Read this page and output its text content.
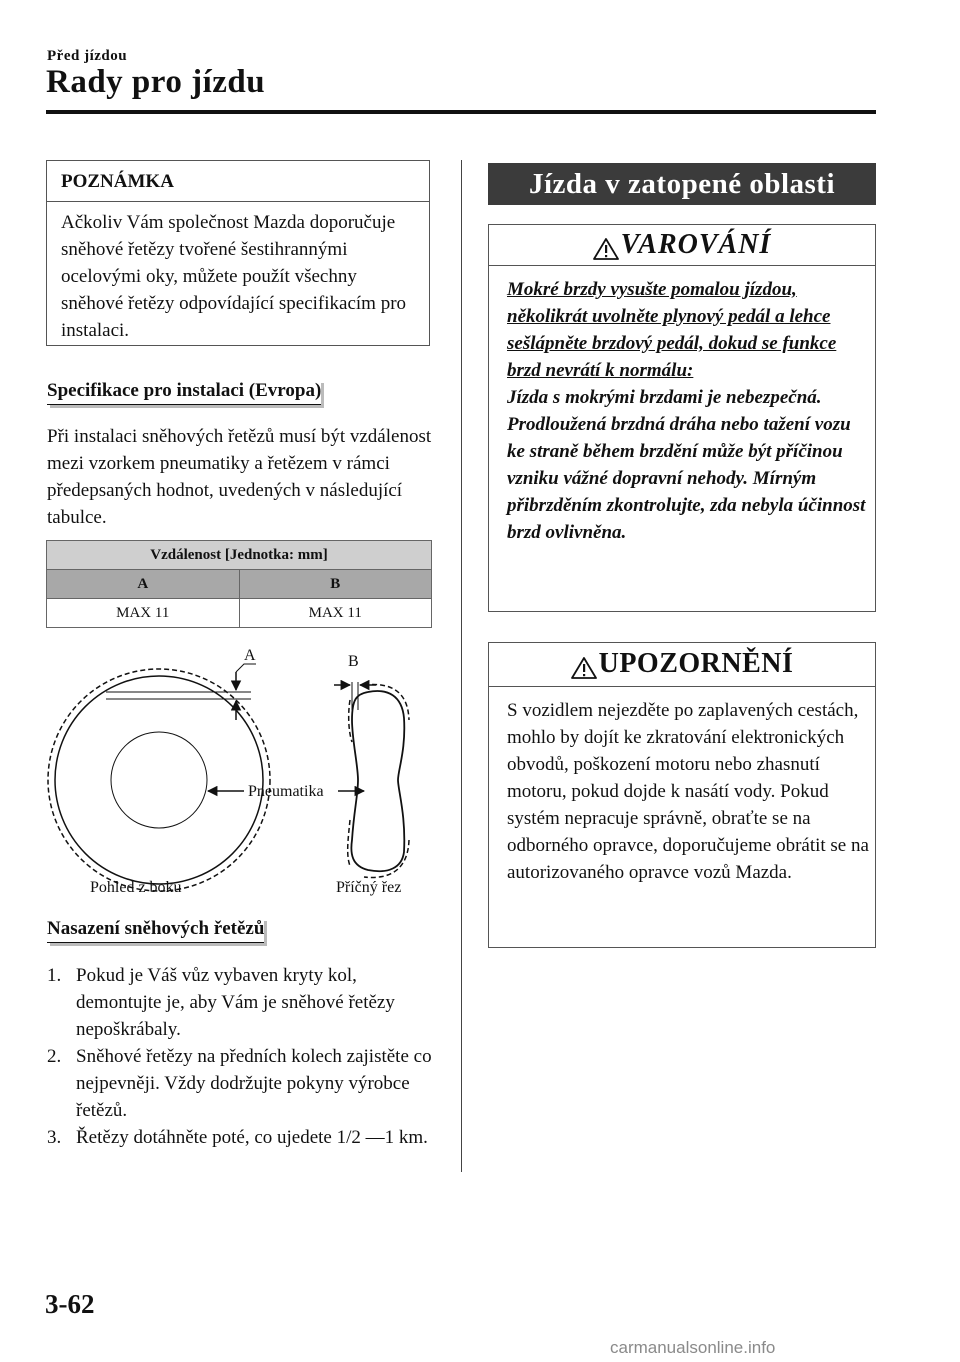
Před jízdou
Rady pro jízdu
POZNÁMKA
Ačkoliv Vám společnost Mazda doporučuje sněhové řetězy tvořené šestihrannými ocelovými oky, můžete použít všechny sněhové řetězy odpovídající specifikacím pro instalaci.
Specifikace pro instalaci (Evropa)
Při instalaci sněhových řetězů musí být vzdálenost mezi vzorkem pneumatiky a řetězem v rámci předepsaných hodnot, uvedených v následující tabulce.
Vzdálenost [Jednotka: mm]	
A	B
MAX 11	MAX 11
A	B
Pneumatika
Pohled z boku	Příčný řez
Nasazení sněhových řetězů
1. Pokud je Váš vůz vybaven kryty kol, demontujte je, aby Vám je sněhové řetězy nepoškrábaly.
2. Sněhové řetězy na předních kolech zajistěte co nejpevněji. Vždy dodržujte pokyny výrobce řetězů.
3. Řetězy dotáhněte poté, co ujedete 1/2 ―1 km.
Jízda v zatopené oblasti
VAROVÁNÍ
Mokré brzdy vysušte pomalou jízdou, několikrát uvolněte plynový pedál a lehce sešlápněte brzdový pedál, dokud se funkce brzd nevrátí k normálu:
Jízda s mokrými brzdami je nebezpečná. Prodloužená brzdná dráha nebo tažení vozu ke straně během brzdění může být příčinou vzniku vážné dopravní nehody. Mírným přibrzděním zkontrolujte, zda nebyla účinnost brzd ovlivněna.
UPOZORNĚNÍ
S vozidlem nejezděte po zaplavených cestách, mohlo by dojít ke zkratování elektronických obvodů, poškození motoru nebo zhasnutí motoru, pokud dojde k nasátí vody. Pokud systém nepracuje správně, obraťte se na odborného opravce, doporučujeme obrátit se na autorizovaného opravce vozů Mazda.
3-62
carmanualsonline.info
